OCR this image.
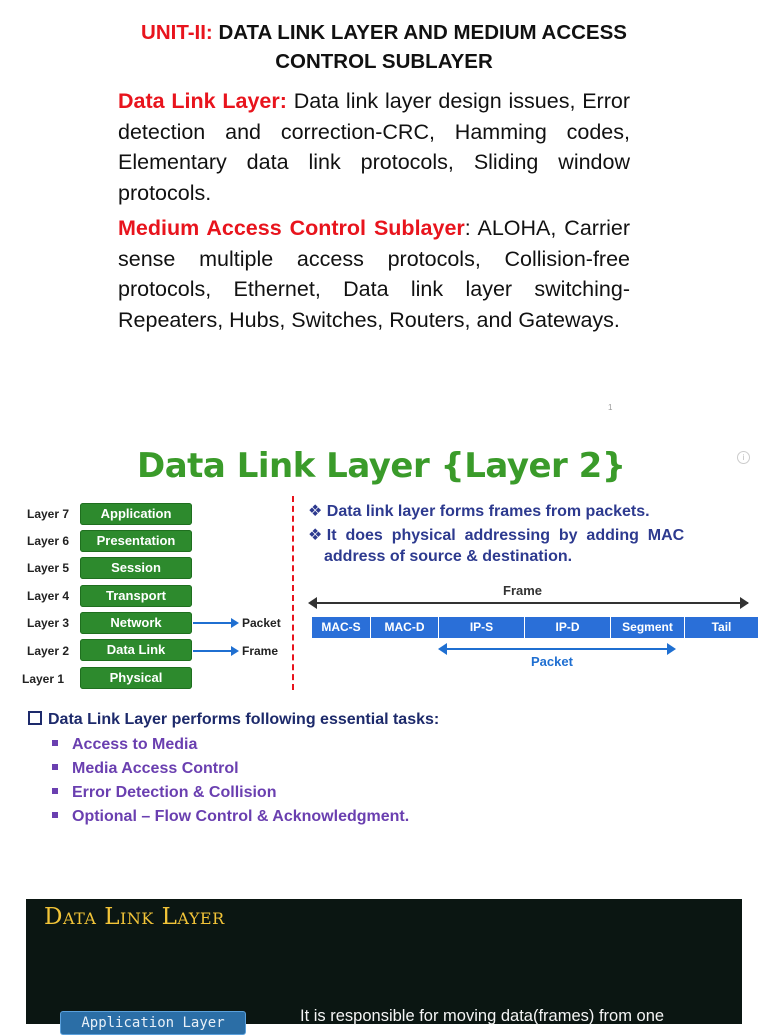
UNIT-II: DATA LINK LAYER AND MEDIUM ACCESS CONTROL SUBLAYER
Data Link Layer: Data link layer design issues, Error detection and correction-CRC, Hamming codes, Elementary data link protocols, Sliding window protocols.
Medium Access Control Sublayer: ALOHA, Carrier sense multiple access protocols, Collision-free protocols, Ethernet, Data link layer switching-Repeaters, Hubs, Switches, Routers, and Gateways.
1
i
Data Link Layer {Layer 2}
Layer 7	Application
Layer 6	Presentation
Layer 5	Session
Layer 4	Transport
Layer 3	Network
Layer 2	Data Link
Layer 1	Physical
Packet
Frame
❖ Data link layer forms frames from packets.
❖ It  does  physical  addressing  by  adding  MAC
address of source & destination.
Frame
MAC-S	MAC-D	IP-S	IP-D	Segment	Tail
Packet
Data Link Layer performs following essential tasks:
Access to Media
Media Access Control
Error Detection & Collision
Optional – Flow Control & Acknowledgment.
Data Link Layer
Application Layer	It is responsible for moving data(frames) from one
